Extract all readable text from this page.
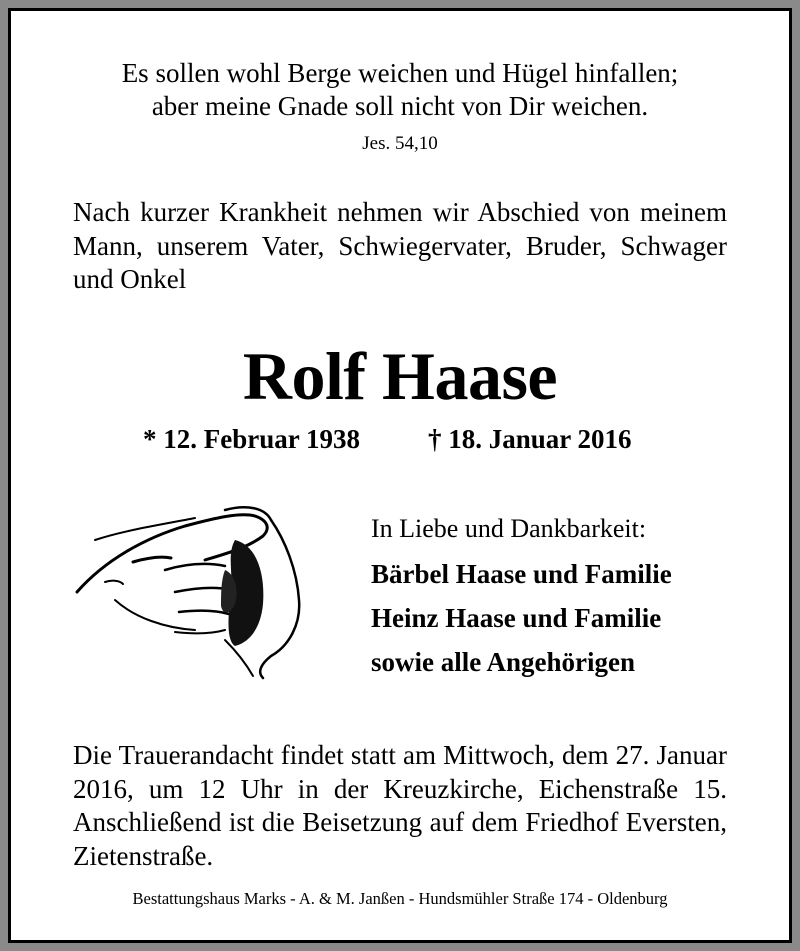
Es sollen wohl Berge weichen und Hügel hinfallen;
aber meine Gnade soll nicht von Dir weichen.
Jes. 54,10
Nach kurzer Krankheit nehmen wir Abschied von meinem Mann, unserem Vater, Schwiegervater, Bruder, Schwager und Onkel
Rolf Haase
* 12. Februar 1938	† 18. Januar 2016
In Liebe und Dankbarkeit:
Bärbel Haase und Familie
Heinz Haase und Familie
sowie alle Angehörigen
Die Trauerandacht findet statt am Mittwoch, dem 27. Januar 2016, um 12 Uhr in der Kreuzkirche, Eichenstraße 15. Anschließend ist die Beisetzung auf dem Friedhof Eversten, Zietenstraße.
Bestattungshaus Marks - A. & M. Janßen - Hundsmühler Straße 174 - Oldenburg
